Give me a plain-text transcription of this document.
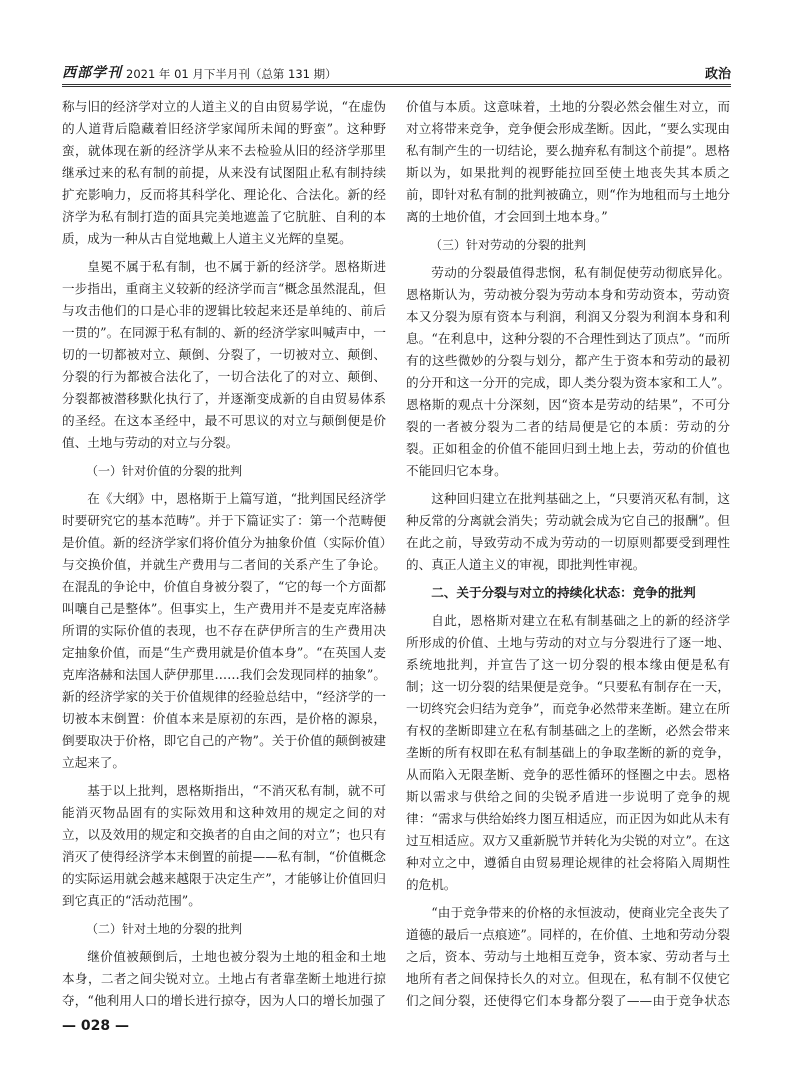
西部学刊 2021 年 01 月下半月刊（总第 131 期）	政治

称与旧的经济学对立的人道主义的自由贸易学说，“在虚伪的人道背后隐藏着旧经济学家闻所未闻的野蛮”。这种野蛮，就体现在新的经济学从来不去检验从旧的经济学那里继承过来的私有制的前提，从来没有试图阻止私有制持续扩充影响力，反而将其科学化、理论化、合法化。新的经济学为私有制打造的面具完美地遮盖了它肮脏、自利的本质，成为一种从古自觉地戴上人道主义光辉的皇冕。

皇冕不属于私有制，也不属于新的经济学。恩格斯进一步指出，重商主义较新的经济学而言“概念虽然混乱，但与攻击他们的口是心非的逻辑比较起来还是单纯的、前后一贯的”。在同源于私有制的、新的经济学家叫喊声中，一切的一切都被对立、颠倒、分裂了，一切被对立、颠倒、分裂的行为都被合法化了，一切合法化了的对立、颠倒、分裂都被潜移默化执行了，并逐渐变成新的自由贸易体系的圣经。在这本圣经中，最不可思议的对立与颠倒便是价值、土地与劳动的对立与分裂。

（一）针对价值的分裂的批判

在《大纲》中，恩格斯于上篇写道，“批判国民经济学时要研究它的基本范畴”。并于下篇证实了：第一个范畴便是价值。新的经济学家们将价值分为抽象价值（实际价值）与交换价值，并就生产费用与二者间的关系产生了争论。在混乱的争论中，价值自身被分裂了，“它的每一个方面都叫嚷自己是整体”。但事实上，生产费用并不是麦克库洛赫所谓的实际价值的表现，也不存在萨伊所言的生产费用决定抽象价值，而是“生产费用就是价值本身”。“在英国人麦克库洛赫和法国人萨伊那里……我们会发现同样的抽象”。新的经济学家的关于价值规律的经验总结中，“经济学的一切被本末倒置：价值本来是原初的东西，是价格的源泉，倒要取决于价格，即它自己的产物”。关于价值的颠倒被建立起来了。

基于以上批判，恩格斯指出，“不消灭私有制，就不可能消灭物品固有的实际效用和这种效用的规定之间的对立，以及效用的规定和交换者的自由之间的对立”；也只有消灭了使得经济学本末倒置的前提——私有制，“价值概念的实际运用就会越来越限于决定生产”，才能够让价值回归到它真正的“活动范围”。

（二）针对土地的分裂的批判

继价值被颠倒后，土地也被分裂为土地的租金和土地本身，二者之间尖锐对立。土地占有者靠垄断土地进行掠夺，“他利用人口的增长进行掠夺，因为人口的增长加强了

价值与本质。这意味着，土地的分裂必然会催生对立，而对立将带来竞争，竞争便会形成垄断。因此，“要么实现由私有制产生的一切结论，要么抛弃私有制这个前提”。恩格斯以为，如果批判的视野能拉回至使土地丧失其本质之前，即针对私有制的批判被确立，则“作为地租而与土地分离的土地价值，才会回到土地本身。”

（三）针对劳动的分裂的批判

劳动的分裂最值得悲悯，私有制促使劳动彻底异化。恩格斯认为，劳动被分裂为劳动本身和劳动资本，劳动资本又分裂为原有资本与利润，利润又分裂为利润本身和利息。“在利息中，这种分裂的不合理性到达了顶点”。“而所有的这些微妙的分裂与划分，都产生于资本和劳动的最初的分开和这一分开的完成，即人类分裂为资本家和工人”。恩格斯的观点十分深刻，因“资本是劳动的结果”，不可分裂的一者被分裂为二者的结局便是它的本质：劳动的分裂。正如租金的价值不能回归到土地上去，劳动的价值也不能回归它本身。

这种回归建立在批判基础之上，“只要消灭私有制，这种反常的分离就会消失；劳动就会成为它自己的报酬”。但在此之前，导致劳动不成为劳动的一切原则都要受到理性的、真正人道主义的审视，即批判性审视。

二、关于分裂与对立的持续化状态：竞争的批判

自此，恩格斯对建立在私有制基础之上的新的经济学所形成的价值、土地与劳动的对立与分裂进行了逐一地、系统地批判，并宣告了这一切分裂的根本缘由便是私有制；这一切分裂的结果便是竞争。“只要私有制存在一天，一切终究会归结为竞争”，而竞争必然带来垄断。建立在所有权的垄断即建立在私有制基础之上的垄断，必然会带来垄断的所有权即在私有制基础上的争取垄断的新的竞争，从而陷入无限垄断、竞争的恶性循环的怪圈之中去。恩格斯以需求与供给之间的尖锐矛盾进一步说明了竞争的规律：“需求与供给始终力图互相适应，而正因为如此从未有过互相适应。双方又重新脱节并转化为尖锐的对立”。在这种对立之中，遵循自由贸易理论规律的社会将陷入周期性的危机。

“由于竞争带来的价格的永恒波动，使商业完全丧失了道德的最后一点痕迹”。同样的，在价值、土地和劳动分裂之后，资本、劳动与土地相互竞争，资本家、劳动者与土地所有者之间保持长久的对立。但现在，私有制不仅使它们之间分裂，还使得它们本身都分裂了——由于竞争状态

— 028 —
